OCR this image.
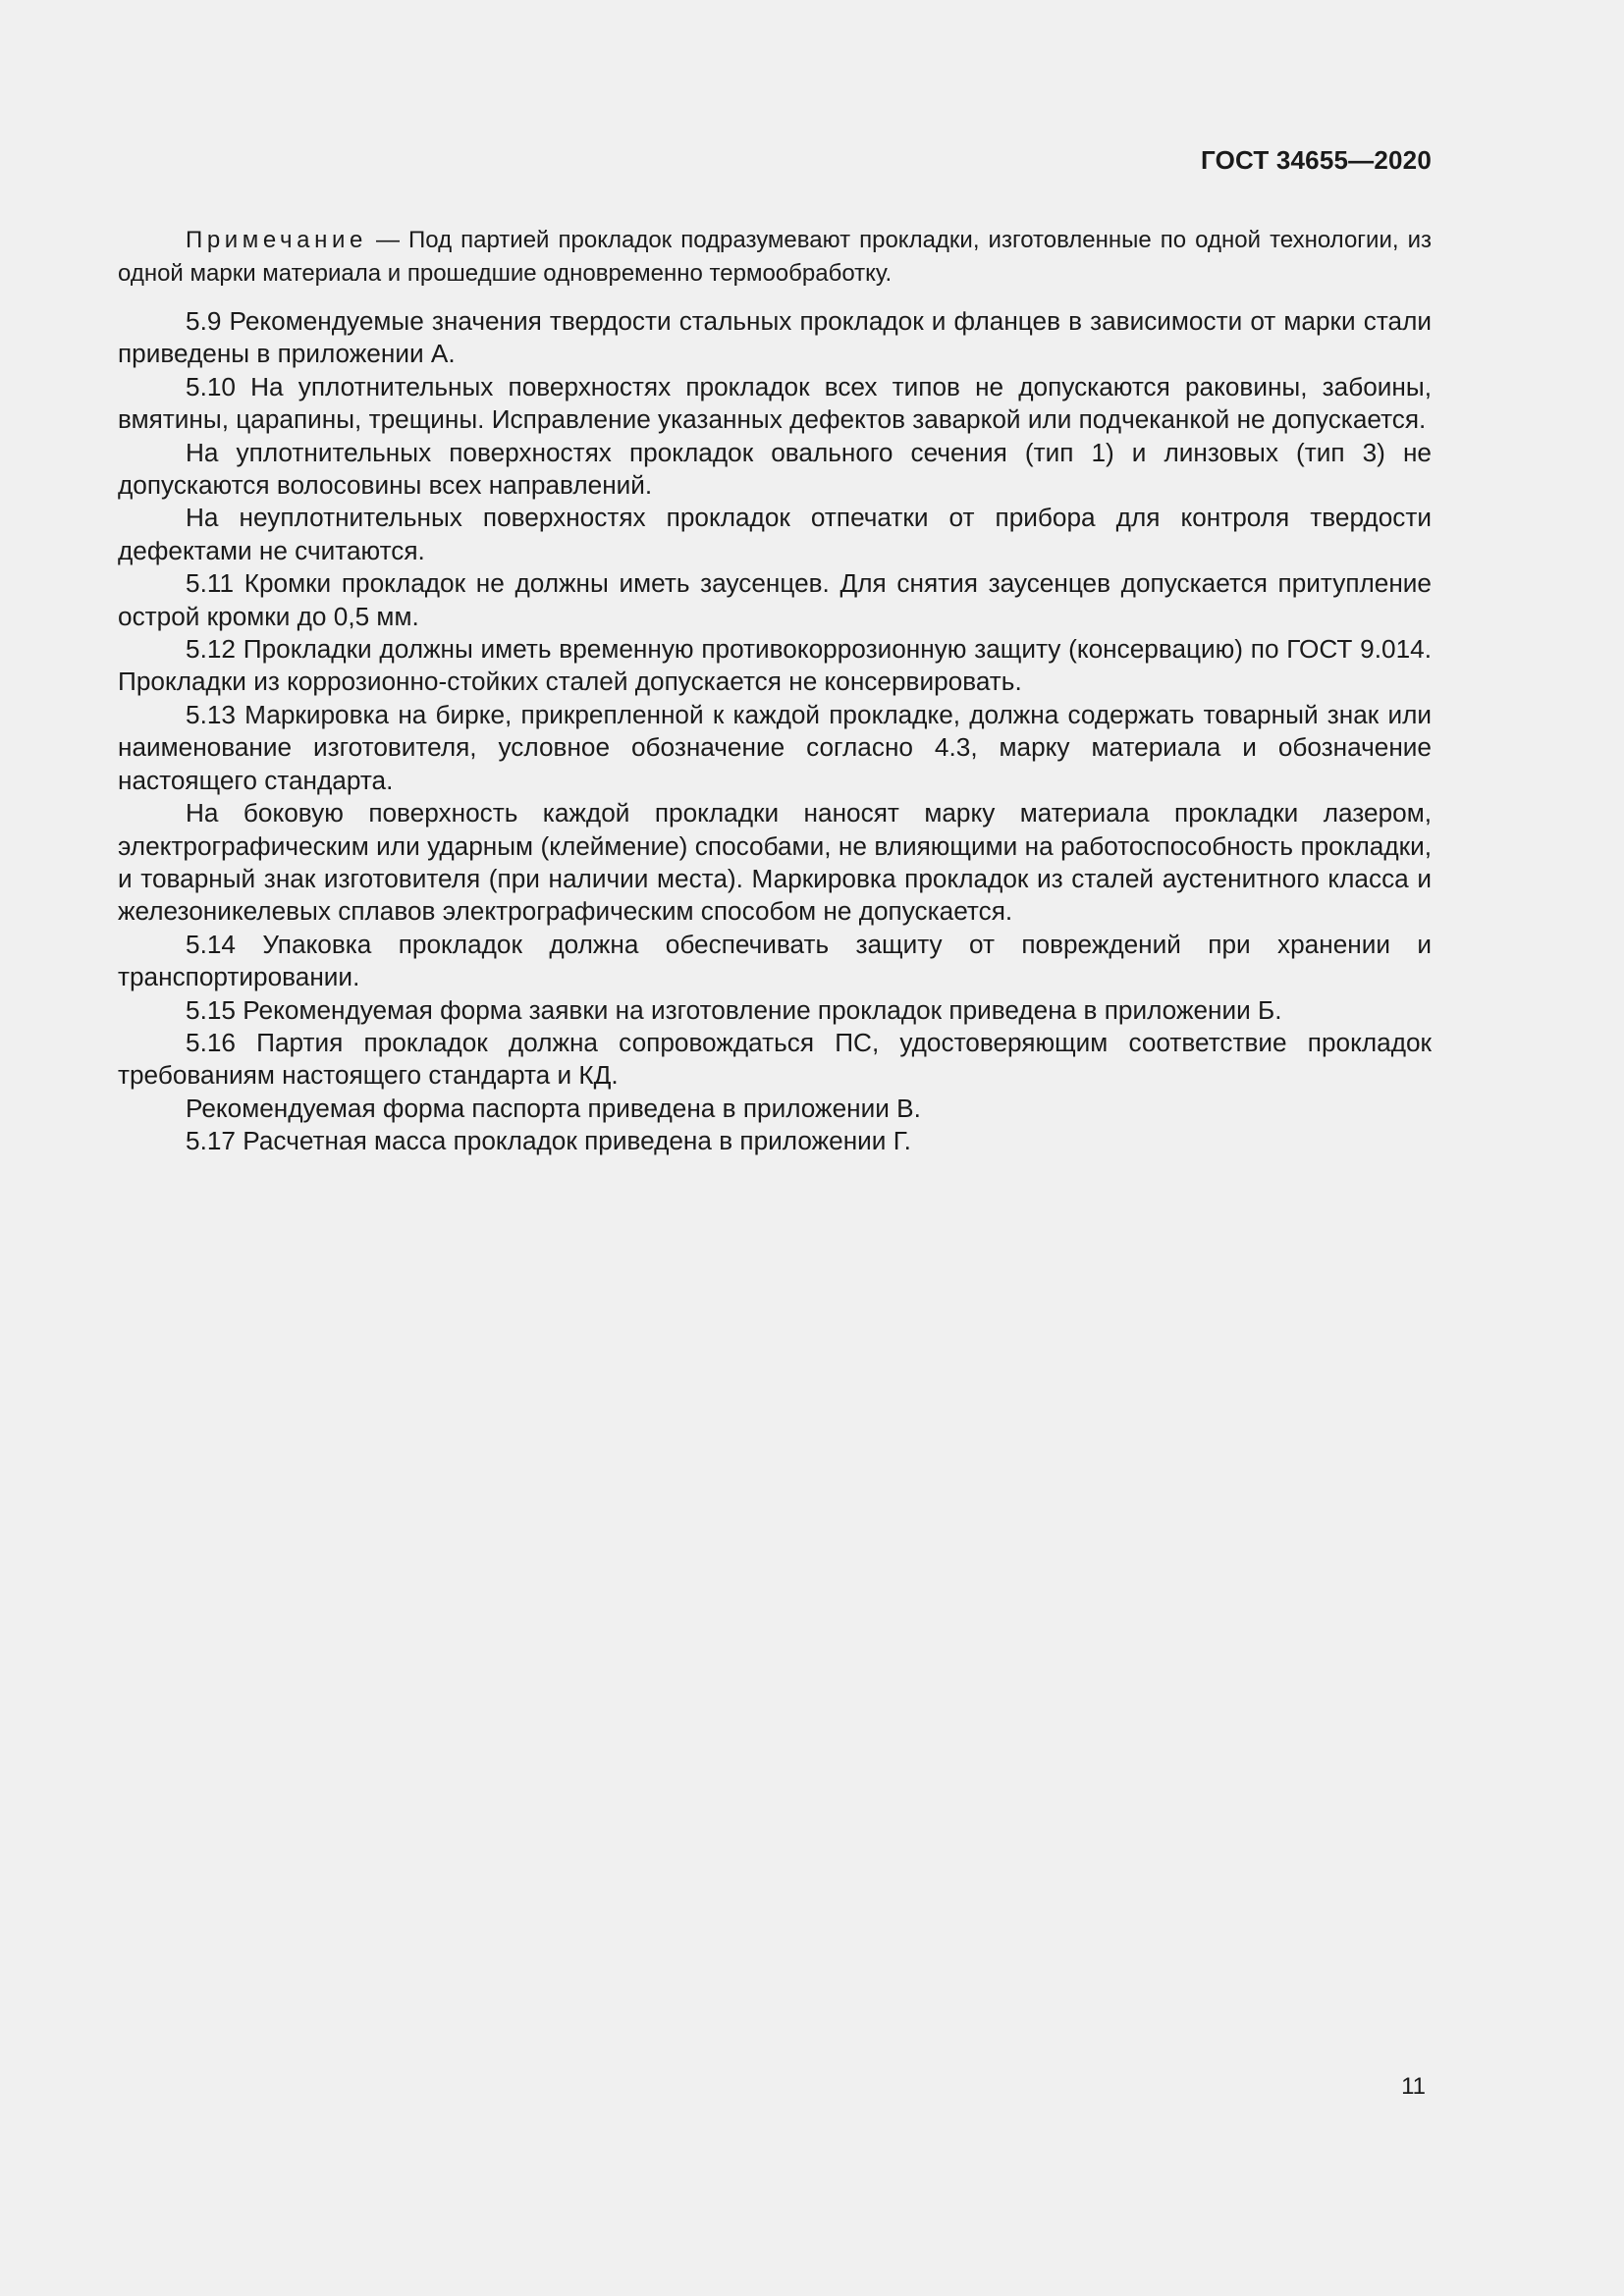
ГОСТ 34655—2020

Примечание — Под партией прокладок подразумевают прокладки, изготовленные по одной технологии, из одной марки материала и прошедшие одновременно термообработку.

5.9 Рекомендуемые значения твердости стальных прокладок и фланцев в зависимости от марки стали приведены в приложении А.

5.10 На уплотнительных поверхностях прокладок всех типов не допускаются раковины, забоины, вмятины, царапины, трещины. Исправление указанных дефектов заваркой или подчеканкой не допускается.

На уплотнительных поверхностях прокладок овального сечения (тип 1) и линзовых (тип 3) не допускаются волосовины всех направлений.

На неуплотнительных поверхностях прокладок отпечатки от прибора для контроля твердости дефектами не считаются.

5.11 Кромки прокладок не должны иметь заусенцев. Для снятия заусенцев допускается притупление острой кромки до 0,5 мм.

5.12 Прокладки должны иметь временную противокоррозионную защиту (консервацию) по ГОСТ 9.014. Прокладки из коррозионно-стойких сталей допускается не консервировать.

5.13 Маркировка на бирке, прикрепленной к каждой прокладке, должна содержать товарный знак или наименование изготовителя, условное обозначение согласно 4.3, марку материала и обозначение настоящего стандарта.

На боковую поверхность каждой прокладки наносят марку материала прокладки лазером, электрографическим или ударным (клеймение) способами, не влияющими на работоспособность прокладки, и товарный знак изготовителя (при наличии места). Маркировка прокладок из сталей аустенитного класса и железоникелевых сплавов электрографическим способом не допускается.

5.14 Упаковка прокладок должна обеспечивать защиту от повреждений при хранении и транспортировании.

5.15 Рекомендуемая форма заявки на изготовление прокладок приведена в приложении Б.

5.16 Партия прокладок должна сопровождаться ПС, удостоверяющим соответствие прокладок требованиям настоящего стандарта и КД.

Рекомендуемая форма паспорта приведена в приложении В.

5.17 Расчетная масса прокладок приведена в приложении Г.

11
